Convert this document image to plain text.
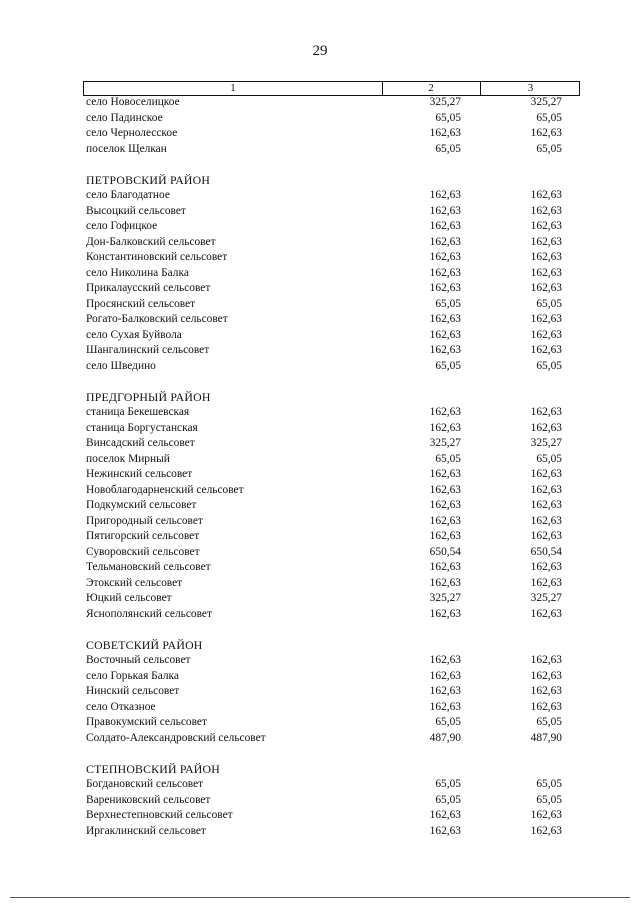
29
1	2	3
село Новоселицкое	325,27	325,27
село Падинское	65,05	65,05
село Чернолесское	162,63	162,63
поселок Щелкан	65,05	65,05
ПЕТРОВСКИЙ РАЙОН
село Благодатное	162,63	162,63
Высоцкий сельсовет	162,63	162,63
село Гофицкое	162,63	162,63
Дон-Балковский сельсовет	162,63	162,63
Константиновский сельсовет	162,63	162,63
село Николина Балка	162,63	162,63
Прикалаусский сельсовет	162,63	162,63
Просянский сельсовет	65,05	65,05
Рогато-Балковский сельсовет	162,63	162,63
село Сухая Буйвола	162,63	162,63
Шангалинский сельсовет	162,63	162,63
село Шведино	65,05	65,05
ПРЕДГОРНЫЙ РАЙОН
станица Бекешевская	162,63	162,63
станица Боргустанская	162,63	162,63
Винсадский сельсовет	325,27	325,27
поселок Мирный	65,05	65,05
Нежинский сельсовет	162,63	162,63
Новоблагодарненский сельсовет	162,63	162,63
Подкумский сельсовет	162,63	162,63
Пригородный сельсовет	162,63	162,63
Пятигорский сельсовет	162,63	162,63
Суворовский сельсовет	650,54	650,54
Тельмановский сельсовет	162,63	162,63
Этокский сельсовет	162,63	162,63
Юцкий сельсовет	325,27	325,27
Яснополянский сельсовет	162,63	162,63
СОВЕТСКИЙ РАЙОН
Восточный сельсовет	162,63	162,63
село Горькая Балка	162,63	162,63
Нинский сельсовет	162,63	162,63
село Отказное	162,63	162,63
Правокумский сельсовет	65,05	65,05
Солдато-Александровский сельсовет	487,90	487,90
СТЕПНОВСКИЙ РАЙОН
Богдановский сельсовет	65,05	65,05
Варениковский сельсовет	65,05	65,05
Верхнестепновский сельсовет	162,63	162,63
Иргаклинский сельсовет	162,63	162,63
